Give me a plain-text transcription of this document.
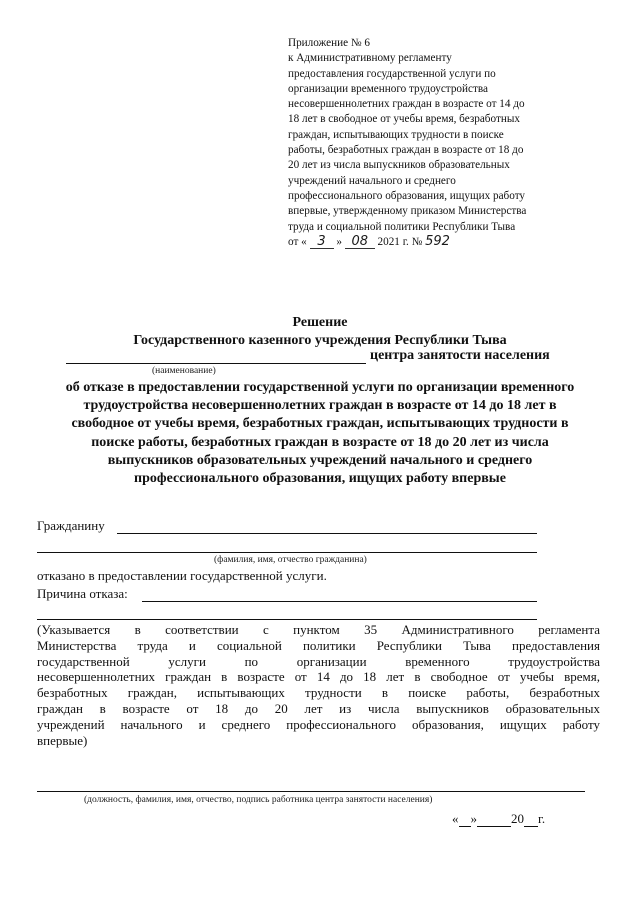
Приложение № 6
к Административному регламенту
предоставления государственной услуги по
организации временного трудоустройства
несовершеннолетних граждан в возрасте от 14 до
18 лет в свободное от учебы время, безработных
граждан, испытывающих трудности в поиске
работы, безработных граждан в возрасте от 18 до
20 лет из числа выпускников образовательных
учреждений начального и среднего
профессионального образования, ищущих работу
впервые, утвержденному приказом Министерства
труда и социальной политики Республики Тыва
от « 3 » 08 2021 г. № 592
Решение
Государственного казенного учреждения Республики Тыва
центра занятости населения
(наименование)
об отказе в предоставлении государственной услуги по организации временного
трудоустройства несовершеннолетних граждан в возрасте от 14 до 18 лет в
свободное от учебы время, безработных граждан, испытывающих трудности в
поиске работы, безработных граждан в возрасте от 18 до 20 лет из числа
выпускников образовательных учреждений начального и среднего
профессионального образования, ищущих работу впервые
Гражданину
(фамилия, имя, отчество гражданина)
отказано в предоставлении государственной услуги.
Причина отказа:
(Указывается в соответствии с пунктом 35 Административного регламента
Министерства труда и социальной политики Республики Тыва предоставления
государственной услуги по организации временного трудоустройства
несовершеннолетних граждан в возрасте от 14 до 18 лет в свободное от учебы время,
безработных граждан, испытывающих трудности в поиске работы, безработных
граждан в возрасте от 18 до 20 лет из числа выпускников образовательных
учреждений начального и среднего профессионального образования, ищущих работу
впервые)
(должность, фамилия, имя, отчество, подпись работника центра занятости населения)
« »	20 г.
